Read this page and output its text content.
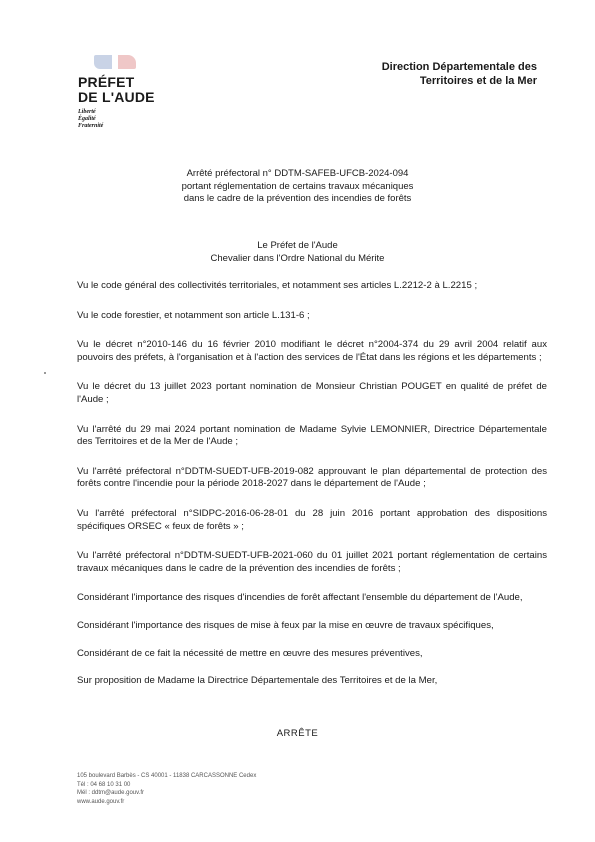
PRÉFET
DE L'AUDE
Liberté
Égalité
Fraternité
Direction Départementale des
Territoires et de la Mer
Arrêté préfectoral n° DDTM-SAFEB-UFCB-2024-094
portant réglementation de certains travaux mécaniques
dans le cadre de la prévention des incendies de forêts
Le Préfet de l'Aude
Chevalier dans l'Ordre National du Mérite

Vu le code général des collectivités territoriales, et notamment ses articles L.2212-2 à L.2215 ;

Vu le code forestier, et notamment son article L.131-6 ;

Vu le décret n°2010-146 du 16 février 2010 modifiant le décret n°2004-374 du 29 avril 2004 relatif aux pouvoirs des préfets, à l'organisation et à l'action des services de l'État dans les régions et les départements ;

Vu le décret du 13 juillet 2023 portant nomination de Monsieur Christian POUGET en qualité de préfet de l'Aude ;

Vu l'arrêté du 29 mai 2024 portant nomination de Madame Sylvie LEMONNIER, Directrice Départementale des Territoires et de la Mer de l'Aude ;

Vu l'arrêté préfectoral n°DDTM-SUEDT-UFB-2019-082 approuvant le plan départemental de protection des forêts contre l'incendie pour la période 2018-2027 dans le département de l'Aude ;

Vu l'arrêté préfectoral n°SIDPC-2016-06-28-01 du 28 juin 2016 portant approbation des dispositions spécifiques ORSEC « feux de forêts » ;

Vu l'arrêté préfectoral n°DDTM-SUEDT-UFB-2021-060 du 01 juillet 2021 portant réglementation de certains travaux mécaniques dans le cadre de la prévention des incendies de forêts ;

Considérant l'importance des risques d'incendies de forêt affectant l'ensemble du département de l'Aude,

Considérant l'importance des risques de mise à feux par la mise en œuvre de travaux spécifiques,

Considérant de ce fait la nécessité de mettre en œuvre des mesures préventives,

Sur proposition de Madame la Directrice Départementale des Territoires et de la Mer,

ARRÊTE
105 boulevard Barbès - CS 40001 - 11838 CARCASSONNE Cedex
Tél : 04 68 10 31 00
Mél : ddtm@aude.gouv.fr
www.aude.gouv.fr
